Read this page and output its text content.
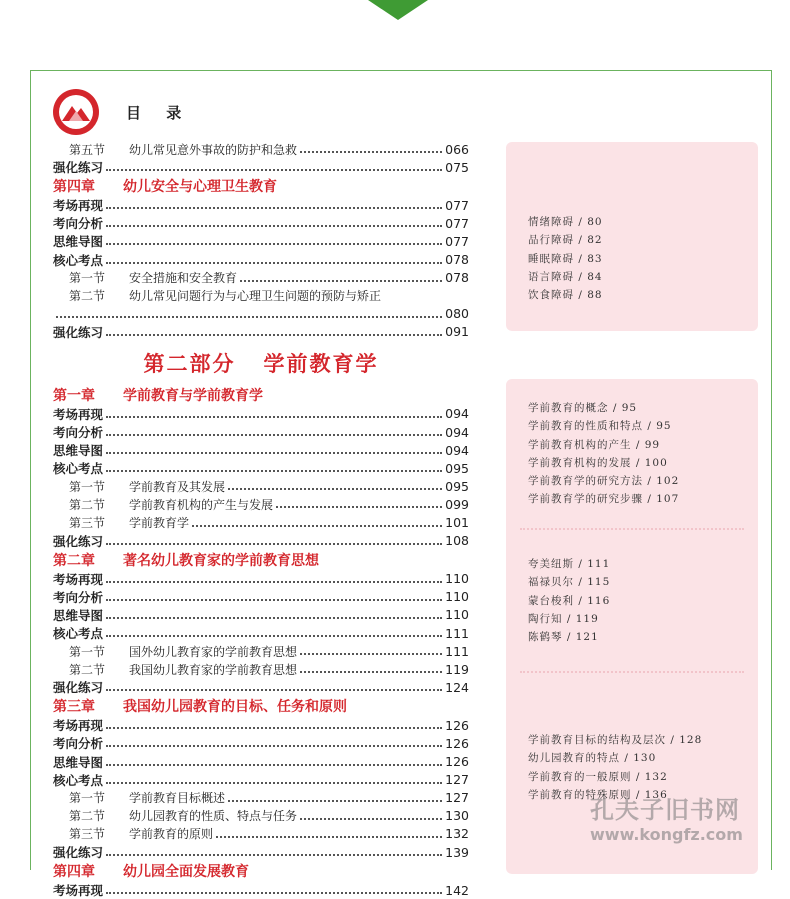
目 录
第五节 幼儿常见意外事故的防护和急救	066
强化练习	075
第四章 幼儿安全与心理卫生教育
考场再现	077
考向分析	077
思维导图	077
核心考点	078
第一节 安全措施和安全教育	078
第二节 幼儿常见问题行为与心理卫生问题的预防与矫正
080
强化练习	091
第二部分 学前教育学
第一章 学前教育与学前教育学
考场再现	094
考向分析	094
思维导图	094
核心考点	095
第一节 学前教育及其发展	095
第二节 学前教育机构的产生与发展	099
第三节 学前教育学	101
强化练习	108
第二章 著名幼儿教育家的学前教育思想
考场再现	110
考向分析	110
思维导图	110
核心考点	111
第一节 国外幼儿教育家的学前教育思想	111
第二节 我国幼儿教育家的学前教育思想	119
强化练习	124
第三章 我国幼儿园教育的目标、任务和原则
考场再现	126
考向分析	126
思维导图	126
核心考点	127
第一节 学前教育目标概述	127
第二节 幼儿园教育的性质、特点与任务	130
第三节 学前教育的原则	132
强化练习	139
第四章 幼儿园全面发展教育
考场再现	142
情绪障碍 / 80
品行障碍 / 82
睡眠障碍 / 83
语言障碍 / 84
饮食障碍 / 88
学前教育的概念 / 95
学前教育的性质和特点 / 95
学前教育机构的产生 / 99
学前教育机构的发展 / 100
学前教育学的研究方法 / 102
学前教育学的研究步骤 / 107
夸美纽斯 / 111
福禄贝尔 / 115
蒙台梭利 / 116
陶行知 / 119
陈鹤琴 / 121
学前教育目标的结构及层次 / 128
幼儿园教育的特点 / 130
学前教育的一般原则 / 132
学前教育的特殊原则 / 136
孔夫子旧书网
www.kongfz.com
